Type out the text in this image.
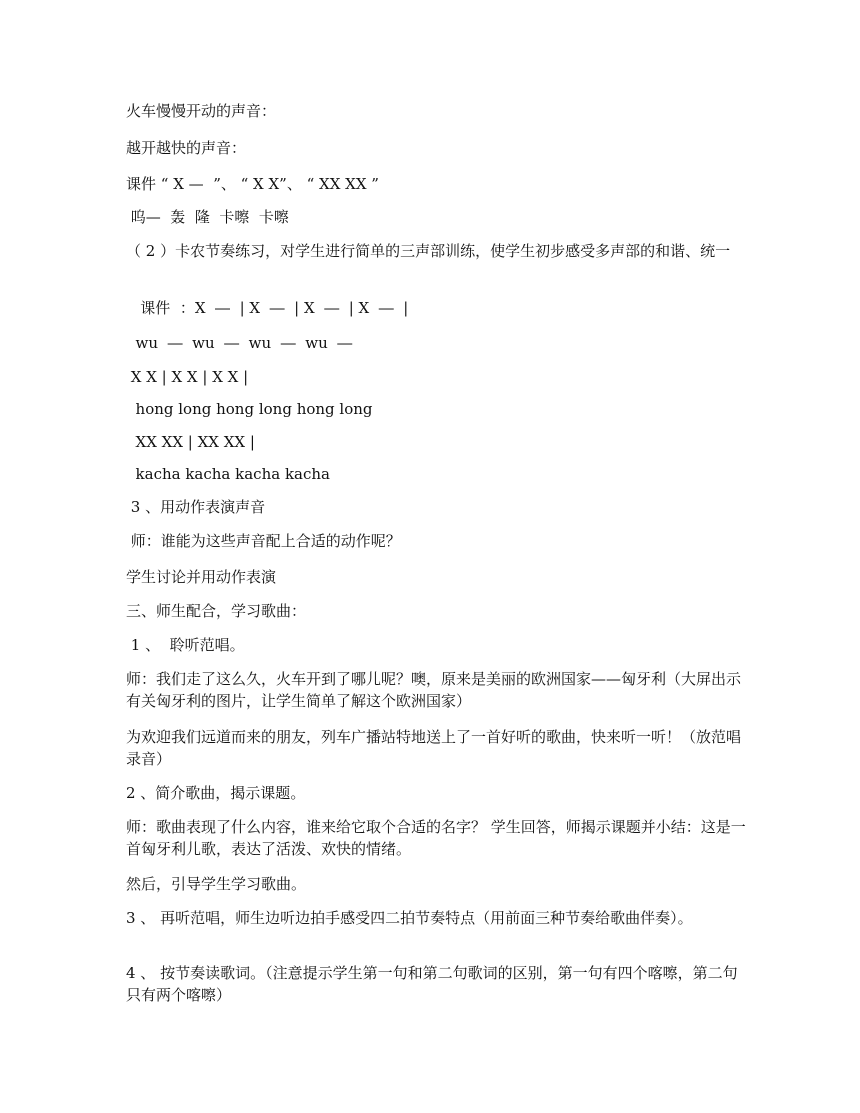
火车慢慢开动的声音：
越开越快的声音：
课件 “ X —  ”、 “ X X”、 “ XX XX ”
呜—  轰  隆  卡嚓  卡嚓
（ 2 ）卡农节奏练习，对学生进行简单的三声部训练，使学生初步感受多声部的和谐、统一
课件  ：X  ―  | X  ―  | X  ―  | X  ―  |
wu  ―  wu  ―  wu  ―  wu  ―
X X | X X | X X |
hong long hong long hong long
XX XX | XX XX |
kacha kacha kacha kacha
3 、用动作表演声音
师：谁能为这些声音配上合适的动作呢？
学生讨论并用动作表演
三、师生配合，学习歌曲：
1 、  聆听范唱。
师：我们走了这么久，火车开到了哪儿呢？噢，原来是美丽的欧洲国家——匈牙利（大屏出示有关匈牙利的图片，让学生简单了解这个欧洲国家）
为欢迎我们远道而来的朋友，列车广播站特地送上了一首好听的歌曲，快来听一听！（放范唱录音）
2 、简介歌曲，揭示课题。
师：歌曲表现了什么内容，谁来给它取个合适的名字？ 学生回答，师揭示课题并小结：这是一首匈牙利儿歌，表达了活泼、欢快的情绪。
然后，引导学生学习歌曲。
3 、 再听范唱，师生边听边拍手感受四二拍节奏特点（用前面三种节奏给歌曲伴奏）。
4 、 按节奏读歌词。（注意提示学生第一句和第二句歌词的区别，第一句有四个喀嚓，第二句只有两个喀嚓）
